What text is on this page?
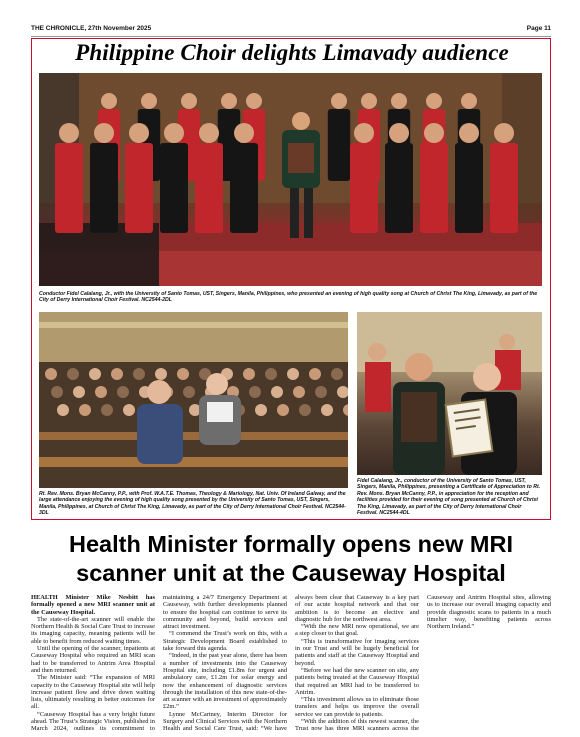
THE CHRONICLE, 27th November 2025	Page 11
Philippine Choir delights Limavady audience
Conductor Fidel Calalang, Jr., with the University of Santo Tomas, UST, Singers, Manila, Philippines, who presented an evening of high quality song at Church of Christ The King, Limavady, as part of the City of Derry International Choir Festival. NC2544-2DL
Rt. Rev. Mons. Bryan McCanny, P.P., with Prof. W.A.T.E. Thomas, Theology & Mariology, Nat. Univ. Of Ireland Galway, and the large attendance enjoying the evening of high quality song presented by the University of Santo Tomas, UST, Singers, Manila, Philippines, at Church of Christ The King, Limavady, as part of the City of Derry International Choir Festival. NC2544-3DL
Fidel Calalang, Jr., conductor of the University of Santo Tomas, UST, Singers, Manila, Philippines, presenting a Certificate of Appreciation to Rt. Rev. Mons. Bryan McCanny, P.P., in appreciation for the reception and facilities provided for their evening of song presented at Church of Christ The King, Limavady, as part of the City of Derry International Choir Festival. NC2544-4DL
Health Minister formally opens new MRI scanner unit at the Causeway Hospital

HEALTH Minister Mike Nesbitt has formally opened a new MRI scanner unit at the Causeway Hospital.

The state-of-the-art scanner will enable the Northern Health & Social Care Trust to increase its imaging capacity, meaning patients will be able to benefit from reduced waiting times.

Until the opening of the scanner, inpatients at Causeway Hospital who required an MRI scan had to be transferred to Antrim Area Hospital and then returned.

The Minister said: “The expansion of MRI capacity to the Causeway Hospital site will help increase patient flow and drive down waiting lists, ultimately resulting in better outcomes for all.

“Causeway Hospital has a very bright future ahead. The Trust’s Strategic Vision, published in March 2024, outlines its commitment to maintaining a 24/7 Emergency Department at Causeway, with further developments planned to ensure the hospital can continue to serve its community and beyond, build services and attract investment.

“I commend the Trust’s work on this, with a Strategic Development Board established to take forward this agenda.

“Indeed, in the past year alone, there has been a number of investments into the Causeway Hospital site, including £1.8m for urgent and ambulatory care, £1.2m for solar energy and now the enhancement of diagnostic services through the installation of this new state-of-the-art scanner with an investment of approximately £2m.”

Lynne McCartney, Interim Director for Surgery and Clinical Services with the Northern Health and Social Care Trust, said: “We have always been clear that Causeway is a key part of our acute hospital network and that our ambition is to become an elective and diagnostic hub for the northwest area.

“With the new MRI now operational, we are a step closer to that goal.

“This is transformative for imaging services in our Trust and will be hugely beneficial for patients and staff at the Causeway Hospital and beyond.

“Before we had the new scanner on site, any patients being treated at the Causeway Hospital that required an MRI had to be transferred to Antrim.

“This investment allows us to eliminate those transfers and helps us improve the overall service we can provide to patients.

“With the addition of this newest scanner, the Trust now has three MRI scanners across the Causeway and Antrim Hospital sites, allowing us to increase our overall imaging capacity and provide diagnostic scans to patients in a much timelier way, benefiting patients across Northern Ireland.”
